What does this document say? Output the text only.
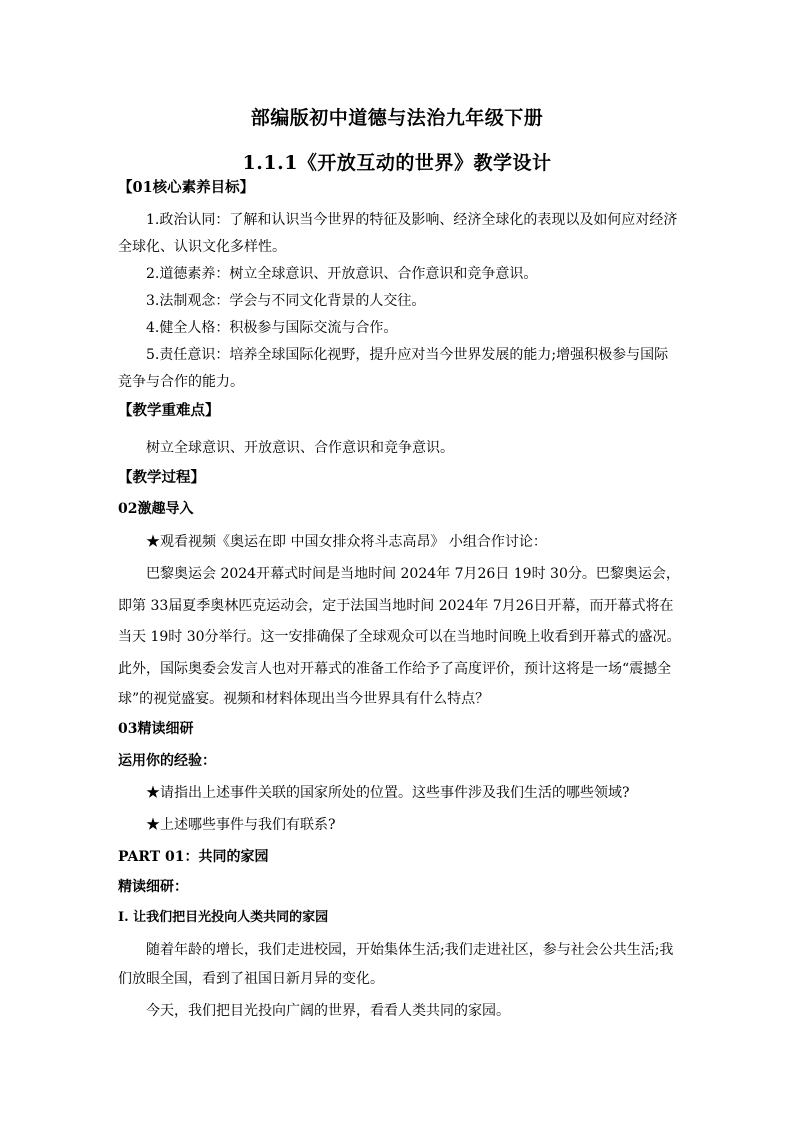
部编版初中道德与法治九年级下册
1.1.1《开放互动的世界》教学设计
【01核心素养目标】
1.政治认同：了解和认识当今世界的特征及影响、经济全球化的表现以及如何应对经济
全球化、认识文化多样性。
2.道德素养：树立全球意识、开放意识、合作意识和竞争意识。
3.法制观念：学会与不同文化背景的人交往。
4.健全人格：积极参与国际交流与合作。
5.责任意识：培养全球国际化视野，提升应对当今世界发展的能力;增强积极参与国际
竞争与合作的能力。
【教学重难点】
树立全球意识、开放意识、合作意识和竞争意识。
【教学过程】
02激趣导入
★观看视频《奥运在即 中国女排众将斗志高昂》 小组合作讨论：
巴黎奥运会 2024开幕式时间是当地时间 2024年 7月26日 19时 30分。巴黎奥运会，
即第 33届夏季奥林匹克运动会，定于法国当地时间 2024年 7月26日开幕，而开幕式将在
当天 19时 30分举行。这一安排确保了全球观众可以在当地时间晚上收看到开幕式的盛况。
此外，国际奥委会发言人也对开幕式的准备工作给予了高度评价，预计这将是一场“震撼全
球”的视觉盛宴。视频和材料体现出当今世界具有什么特点？
03精读细研
运用你的经验：
★请指出上述事件关联的国家所处的位置。这些事件涉及我们生活的哪些领域?
★上述哪些事件与我们有联系?
PART 01：共同的家园
精读细研：
Ⅰ. 让我们把目光投向人类共同的家园
随着年龄的增长，我们走进校园，开始集体生活;我们走进社区，参与社会公共生活;我
们放眼全国，看到了祖国日新月异的变化。
今天，我们把目光投向广阔的世界，看看人类共同的家园。
